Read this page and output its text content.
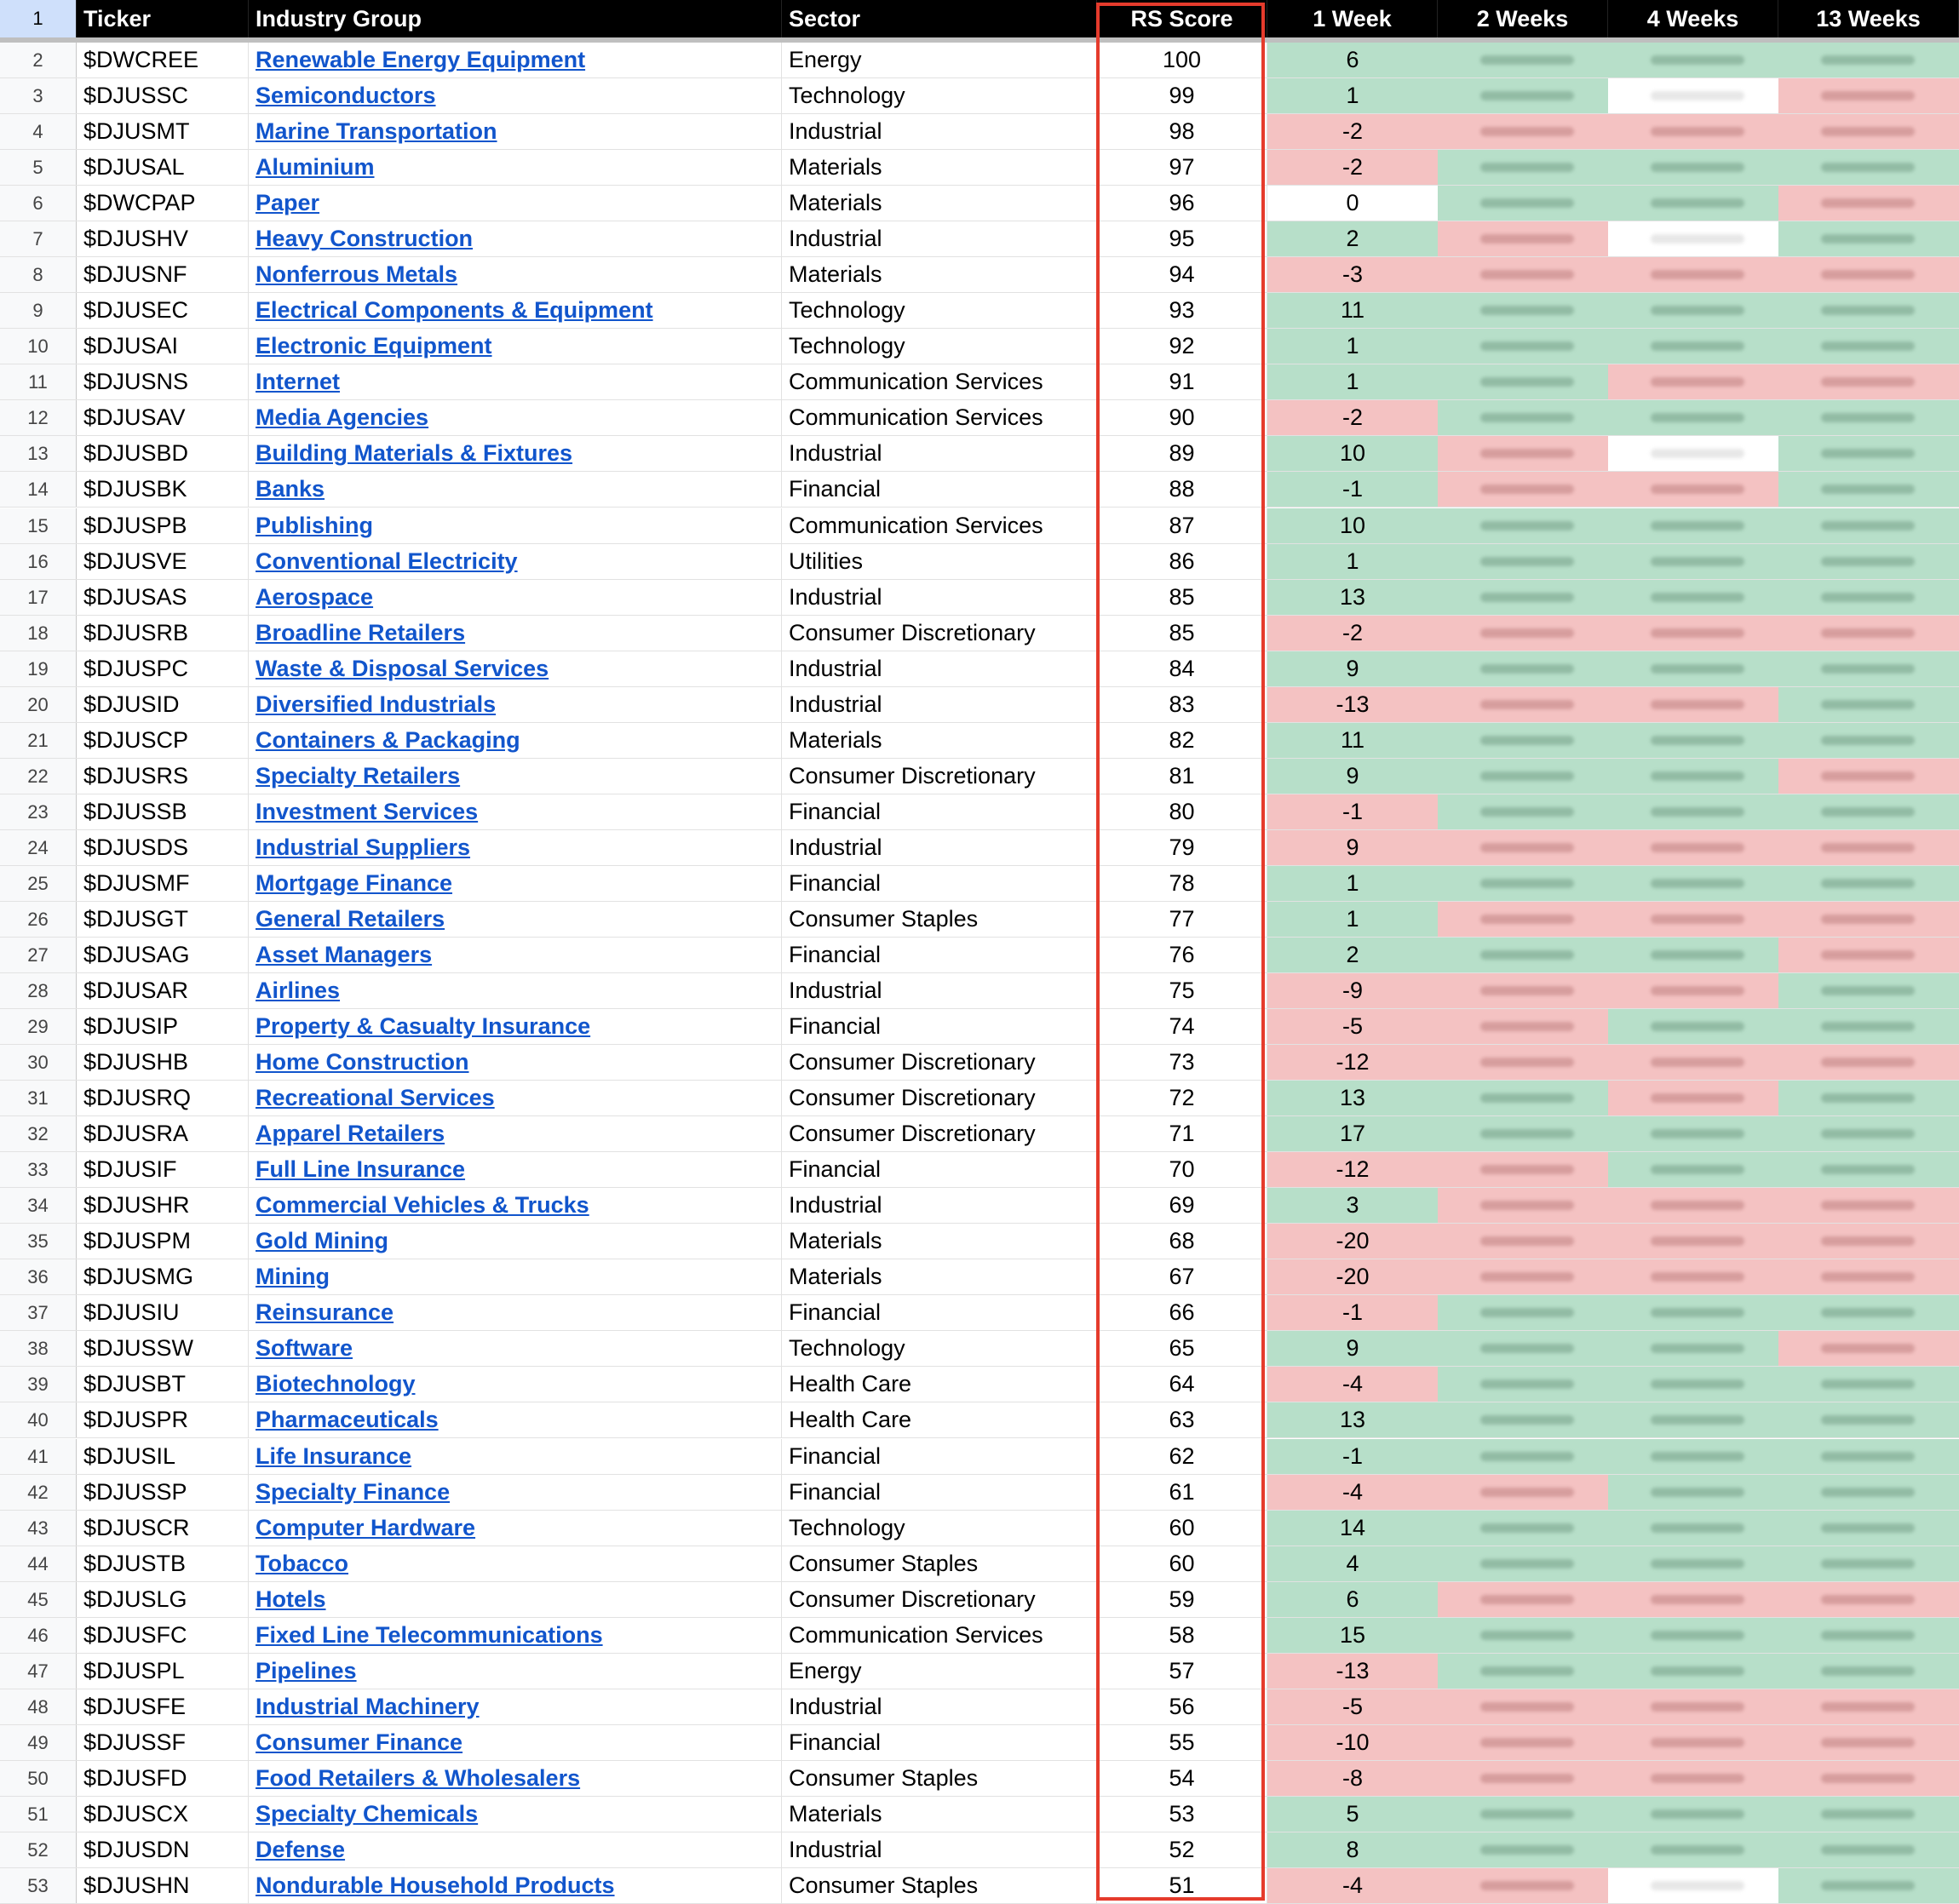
1	Ticker	Industry Group	Sector	RS Score	1 Week	2 Weeks	4 Weeks	13 Weeks
2	$DWCREE	Renewable Energy Equipment	Energy	100	6
3	$DJUSSC	Semiconductors	Technology	99	1
4	$DJUSMT	Marine Transportation	Industrial	98	-2
5	$DJUSAL	Aluminium	Materials	97	-2
6	$DWCPAP	Paper	Materials	96	0
7	$DJUSHV	Heavy Construction	Industrial	95	2
8	$DJUSNF	Nonferrous Metals	Materials	94	-3
9	$DJUSEC	Electrical Components & Equipment	Technology	93	11
10	$DJUSAI	Electronic Equipment	Technology	92	1
11	$DJUSNS	Internet	Communication Services	91	1
12	$DJUSAV	Media Agencies	Communication Services	90	-2
13	$DJUSBD	Building Materials & Fixtures	Industrial	89	10
14	$DJUSBK	Banks	Financial	88	-1
15	$DJUSPB	Publishing	Communication Services	87	10
16	$DJUSVE	Conventional Electricity	Utilities	86	1
17	$DJUSAS	Aerospace	Industrial	85	13
18	$DJUSRB	Broadline Retailers	Consumer Discretionary	85	-2
19	$DJUSPC	Waste & Disposal Services	Industrial	84	9
20	$DJUSID	Diversified Industrials	Industrial	83	-13
21	$DJUSCP	Containers & Packaging	Materials	82	11
22	$DJUSRS	Specialty Retailers	Consumer Discretionary	81	9
23	$DJUSSB	Investment Services	Financial	80	-1
24	$DJUSDS	Industrial Suppliers	Industrial	79	9
25	$DJUSMF	Mortgage Finance	Financial	78	1
26	$DJUSGT	General Retailers	Consumer Staples	77	1
27	$DJUSAG	Asset Managers	Financial	76	2
28	$DJUSAR	Airlines	Industrial	75	-9
29	$DJUSIP	Property & Casualty Insurance	Financial	74	-5
30	$DJUSHB	Home Construction	Consumer Discretionary	73	-12
31	$DJUSRQ	Recreational Services	Consumer Discretionary	72	13
32	$DJUSRA	Apparel Retailers	Consumer Discretionary	71	17
33	$DJUSIF	Full Line Insurance	Financial	70	-12
34	$DJUSHR	Commercial Vehicles & Trucks	Industrial	69	3
35	$DJUSPM	Gold Mining	Materials	68	-20
36	$DJUSMG	Mining	Materials	67	-20
37	$DJUSIU	Reinsurance	Financial	66	-1
38	$DJUSSW	Software	Technology	65	9
39	$DJUSBT	Biotechnology	Health Care	64	-4
40	$DJUSPR	Pharmaceuticals	Health Care	63	13
41	$DJUSIL	Life Insurance	Financial	62	-1
42	$DJUSSP	Specialty Finance	Financial	61	-4
43	$DJUSCR	Computer Hardware	Technology	60	14
44	$DJUSTB	Tobacco	Consumer Staples	60	4
45	$DJUSLG	Hotels	Consumer Discretionary	59	6
46	$DJUSFC	Fixed Line Telecommunications	Communication Services	58	15
47	$DJUSPL	Pipelines	Energy	57	-13
48	$DJUSFE	Industrial Machinery	Industrial	56	-5
49	$DJUSSF	Consumer Finance	Financial	55	-10
50	$DJUSFD	Food Retailers & Wholesalers	Consumer Staples	54	-8
51	$DJUSCX	Specialty Chemicals	Materials	53	5
52	$DJUSDN	Defense	Industrial	52	8
53	$DJUSHN	Nondurable Household Products	Consumer Staples	51	-4
